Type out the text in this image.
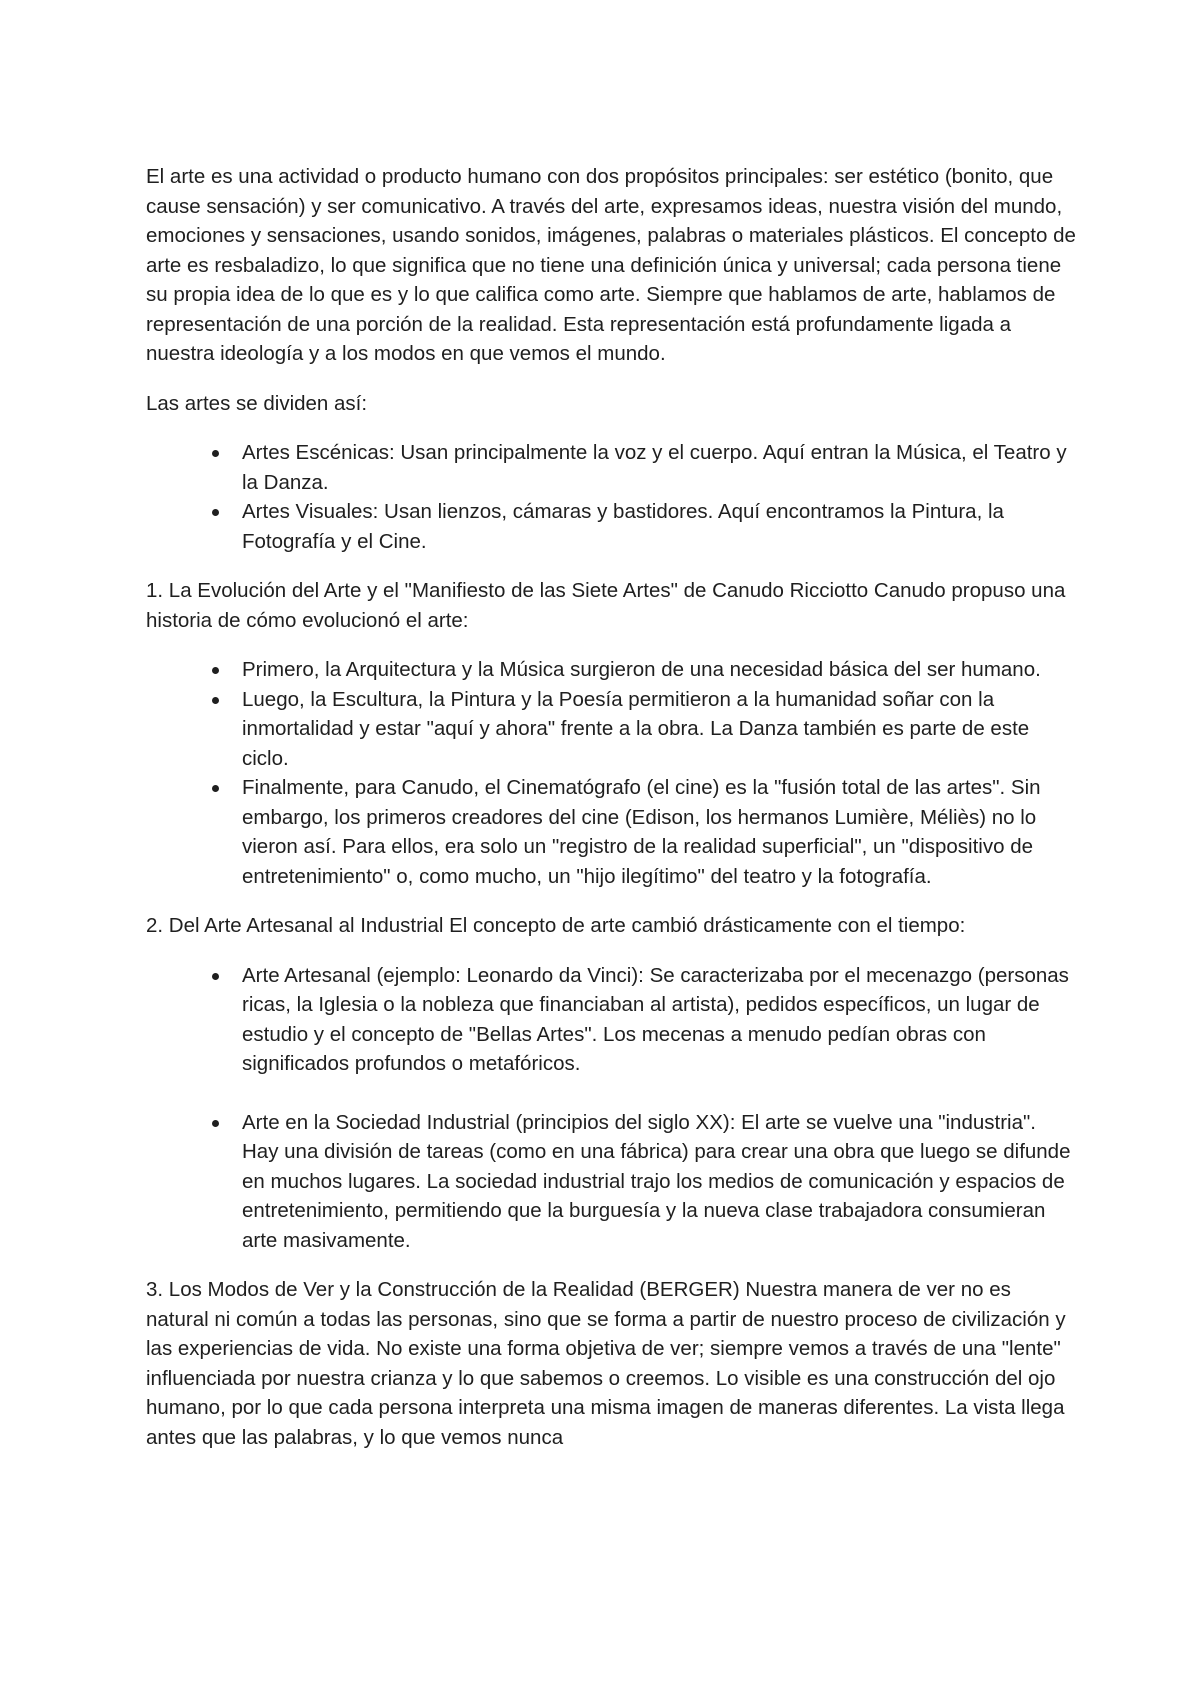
El arte es una actividad o producto humano con dos propósitos principales: ser estético (bonito, que cause sensación) y ser comunicativo. A través del arte, expresamos ideas, nuestra visión del mundo, emociones y sensaciones, usando sonidos, imágenes, palabras o materiales plásticos. El concepto de arte es resbaladizo, lo que significa que no tiene una definición única y universal; cada persona tiene su propia idea de lo que es y lo que califica como arte. Siempre que hablamos de arte, hablamos de representación de una porción de la realidad. Esta representación está profundamente ligada a nuestra ideología y a los modos en que vemos el mundo.

Las artes se dividen así:

Artes Escénicas: Usan principalmente la voz y el cuerpo. Aquí entran la Música, el Teatro y la Danza.
Artes Visuales: Usan lienzos, cámaras y bastidores. Aquí encontramos la Pintura, la Fotografía y el Cine.

1. La Evolución del Arte y el "Manifiesto de las Siete Artes" de Canudo Ricciotto Canudo propuso una historia de cómo evolucionó el arte:

Primero, la Arquitectura y la Música surgieron de una necesidad básica del ser humano.
Luego, la Escultura, la Pintura y la Poesía permitieron a la humanidad soñar con la inmortalidad y estar "aquí y ahora" frente a la obra. La Danza también es parte de este ciclo.
Finalmente, para Canudo, el Cinematógrafo (el cine) es la "fusión total de las artes". Sin embargo, los primeros creadores del cine (Edison, los hermanos Lumière, Méliès) no lo vieron así. Para ellos, era solo un "registro de la realidad superficial", un "dispositivo de entretenimiento" o, como mucho, un "hijo ilegítimo" del teatro y la fotografía.

2. Del Arte Artesanal al Industrial El concepto de arte cambió drásticamente con el tiempo:

Arte Artesanal (ejemplo: Leonardo da Vinci): Se caracterizaba por el mecenazgo (personas ricas, la Iglesia o la nobleza que financiaban al artista), pedidos específicos, un lugar de estudio y el concepto de "Bellas Artes". Los mecenas a menudo pedían obras con significados profundos o metafóricos.
Arte en la Sociedad Industrial (principios del siglo XX): El arte se vuelve una "industria". Hay una división de tareas (como en una fábrica) para crear una obra que luego se difunde en muchos lugares. La sociedad industrial trajo los medios de comunicación y espacios de entretenimiento, permitiendo que la burguesía y la nueva clase trabajadora consumieran arte masivamente.

3. Los Modos de Ver y la Construcción de la Realidad (BERGER) Nuestra manera de ver no es natural ni común a todas las personas, sino que se forma a partir de nuestro proceso de civilización y las experiencias de vida. No existe una forma objetiva de ver; siempre vemos a través de una "lente" influenciada por nuestra crianza y lo que sabemos o creemos. Lo visible es una construcción del ojo humano, por lo que cada persona interpreta una misma imagen de maneras diferentes. La vista llega antes que las palabras, y lo que vemos nunca
